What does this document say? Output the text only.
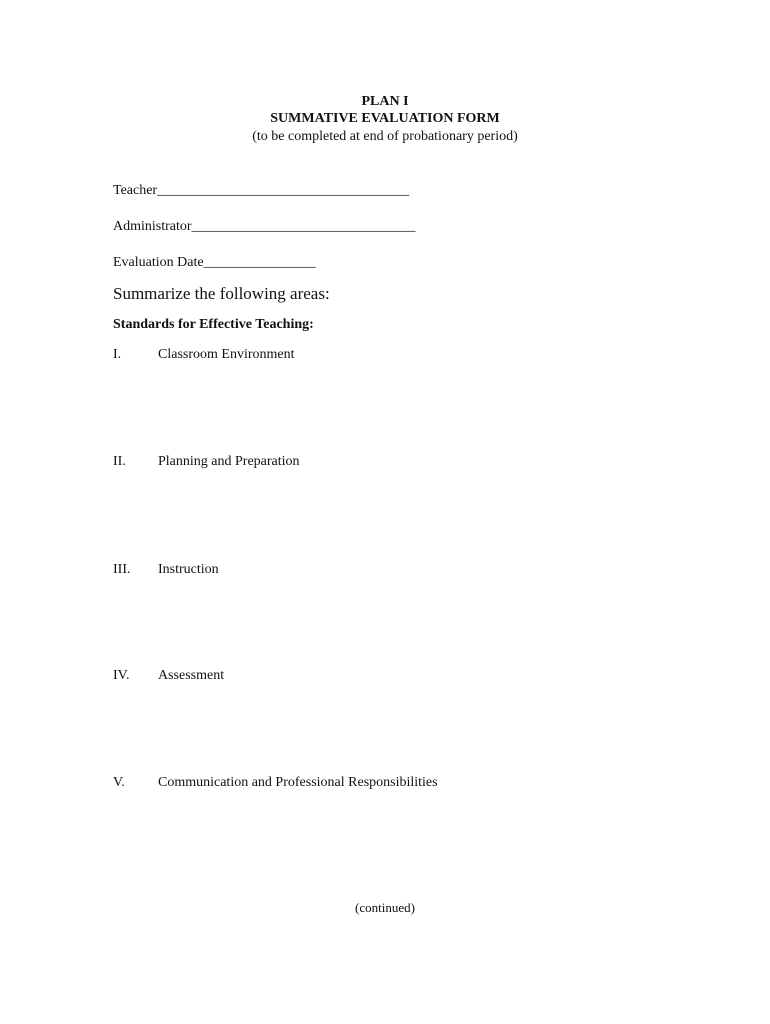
PLAN I
SUMMATIVE EVALUATION FORM
(to be completed at end of probationary period)
Teacher____________________________________
Administrator________________________________
Evaluation Date________________
Summarize the following areas:
Standards for Effective Teaching:
I.	Classroom Environment
II. Planning and Preparation
III. Instruction
IV. Assessment
V. Communication and Professional Responsibilities
(continued)
